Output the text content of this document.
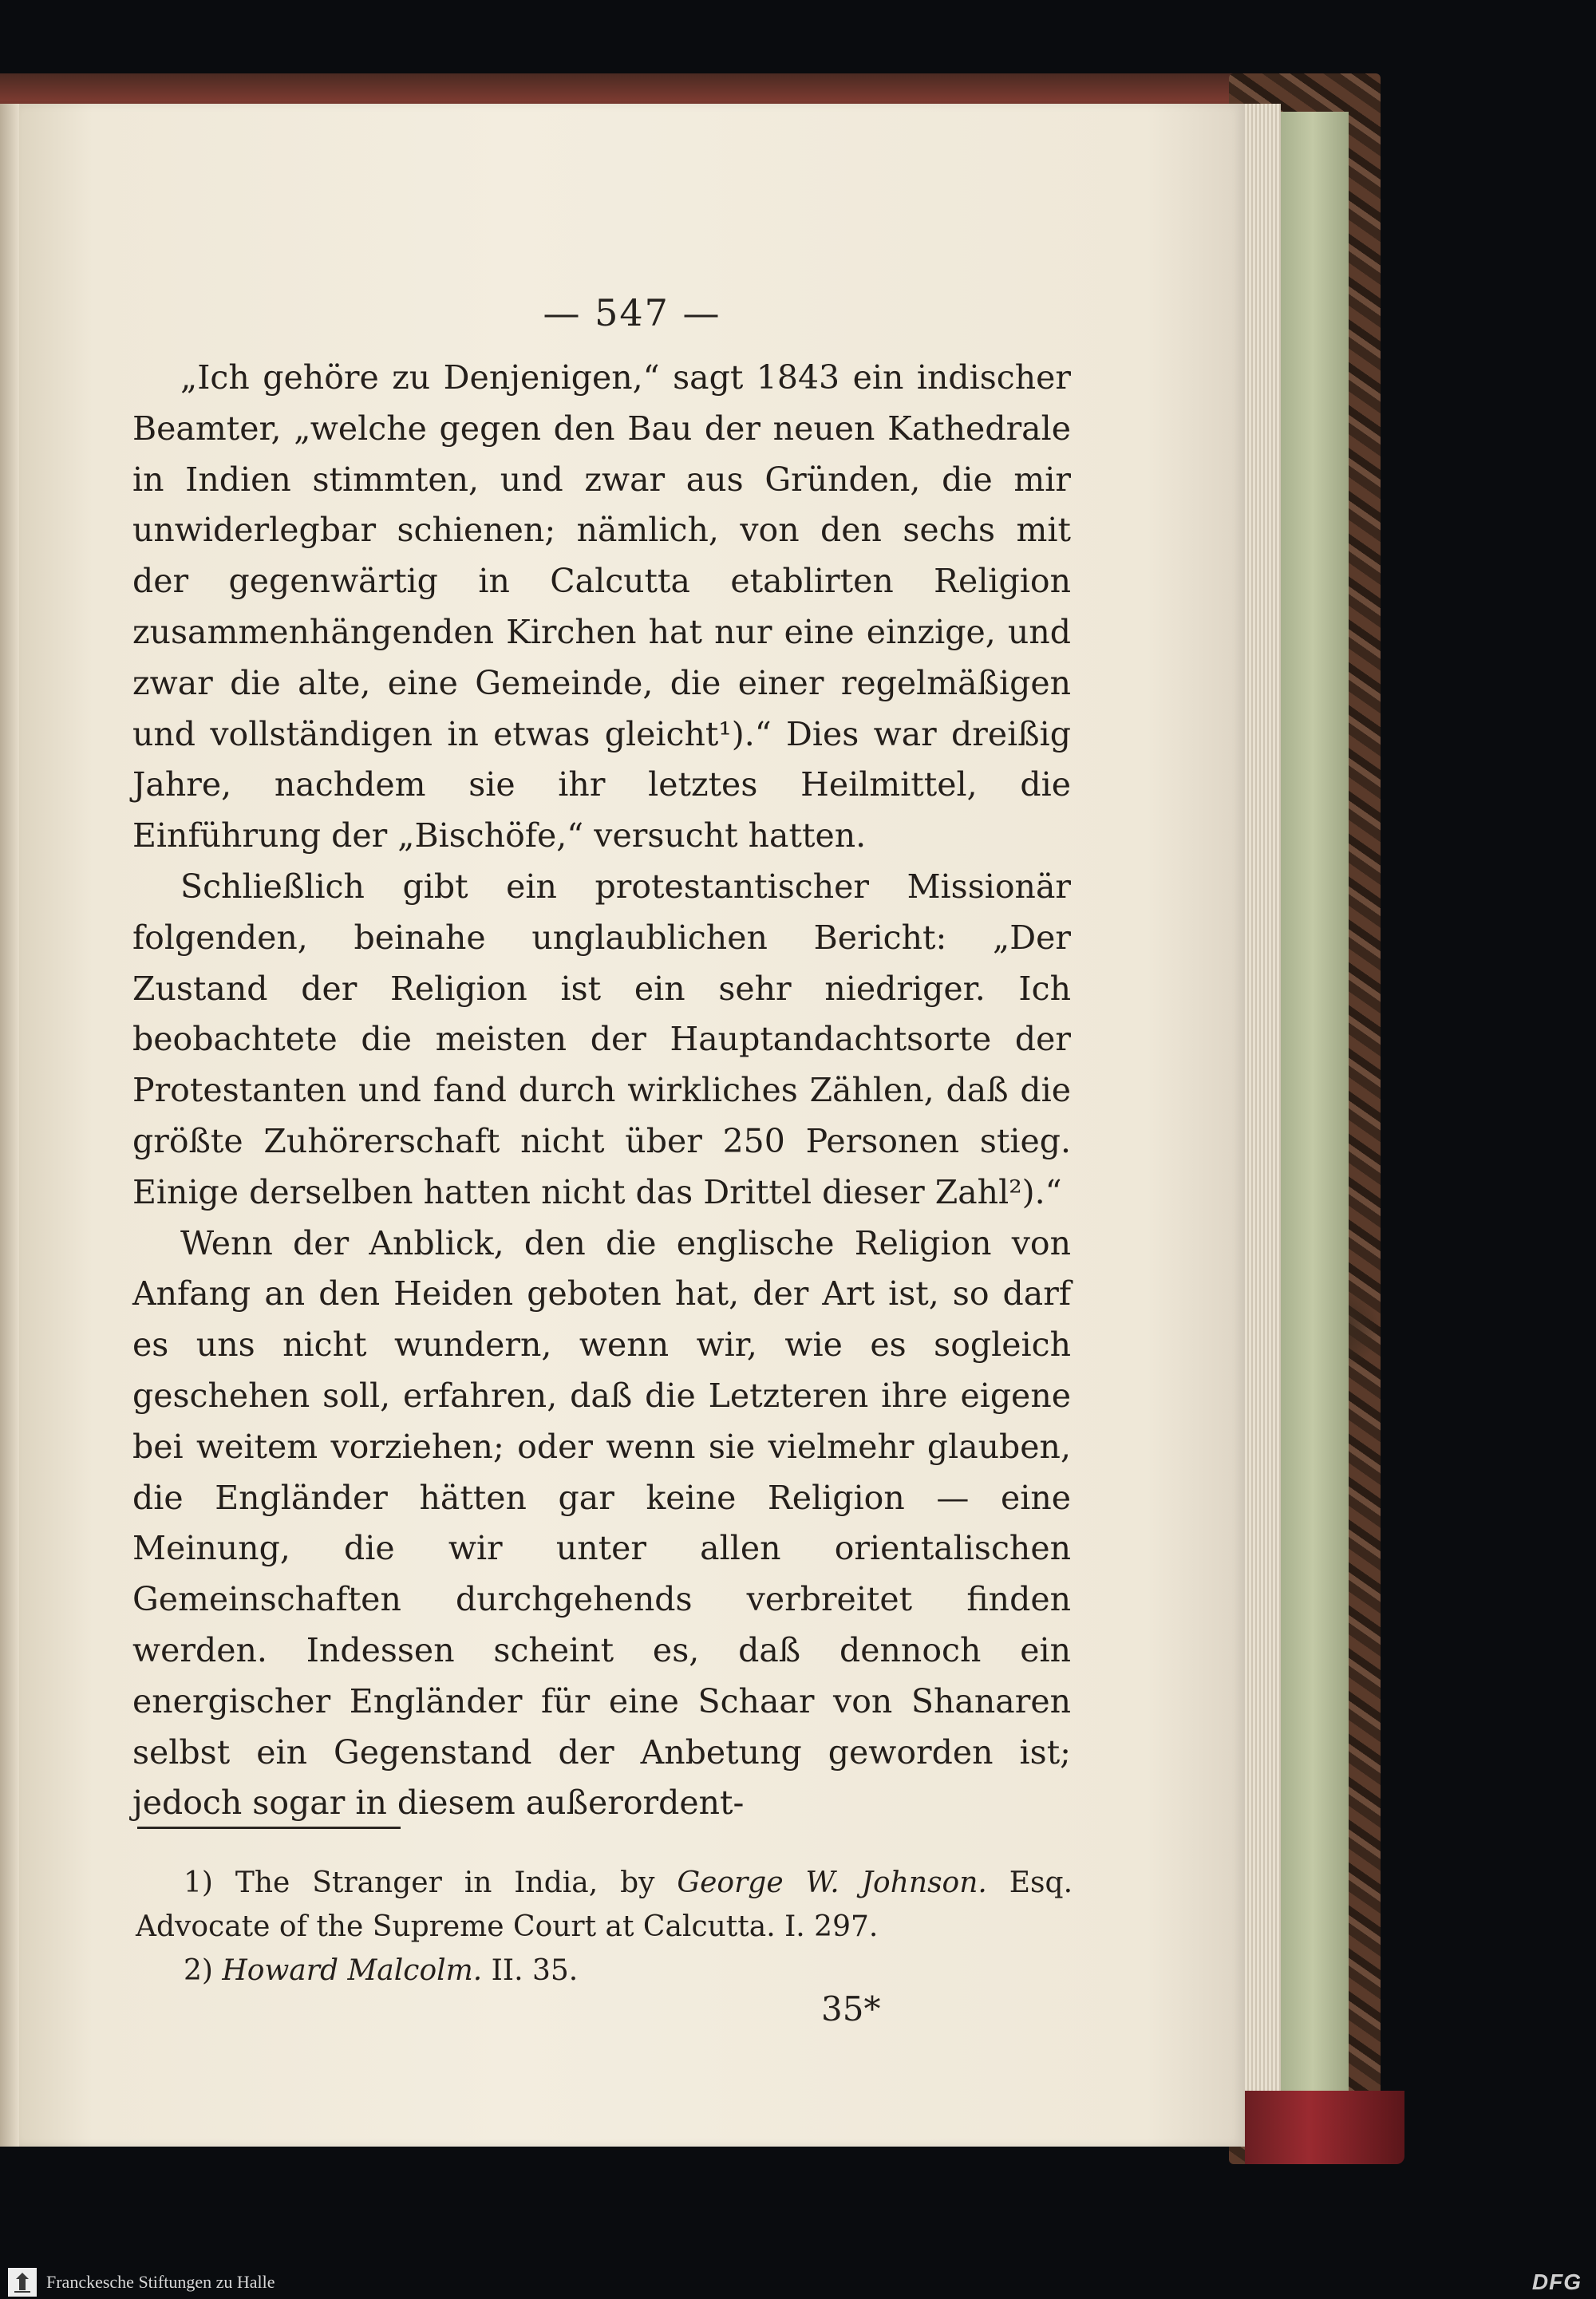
— 547 —

„Ich gehöre zu Denjenigen,“ sagt 1843 ein indischer Beamter, „welche gegen den Bau der neuen Kathedrale in Indien stimmten, und zwar aus Gründen, die mir unwiderlegbar schienen; nämlich, von den sechs mit der gegenwärtig in Calcutta etablirten Religion zusammenhängenden Kirchen hat nur eine einzige, und zwar die alte, eine Gemeinde, die einer regelmäßigen und vollständigen in etwas gleicht¹).“ Dies war dreißig Jahre, nachdem sie ihr letztes Heilmittel, die Einführung der „Bischöfe,“ versucht hatten.

Schließlich gibt ein protestantischer Missionär folgenden, beinahe unglaublichen Bericht: „Der Zustand der Religion ist ein sehr niedriger. Ich beobachtete die meisten der Hauptandachtsorte der Protestanten und fand durch wirkliches Zählen, daß die größte Zuhörerschaft nicht über 250 Personen stieg. Einige derselben hatten nicht das Drittel dieser Zahl²).“

Wenn der Anblick, den die englische Religion von Anfang an den Heiden geboten hat, der Art ist, so darf es uns nicht wundern, wenn wir, wie es sogleich geschehen soll, erfahren, daß die Letzteren ihre eigene bei weitem vorziehen; oder wenn sie vielmehr glauben, die Engländer hätten gar keine Religion — eine Meinung, die wir unter allen orientalischen Gemeinschaften durchgehends verbreitet finden werden. Indessen scheint es, daß dennoch ein energischer Engländer für eine Schaar von Shanaren selbst ein Gegenstand der Anbetung geworden ist; jedoch sogar in diesem außerordent-

1) The Stranger in India, by George W. Johnson. Esq. Advocate of the Supreme Court at Calcutta. I. 297.

2) Howard Malcolm. II. 35.

35*
Franckesche Stiftungen zu Halle	DFG
